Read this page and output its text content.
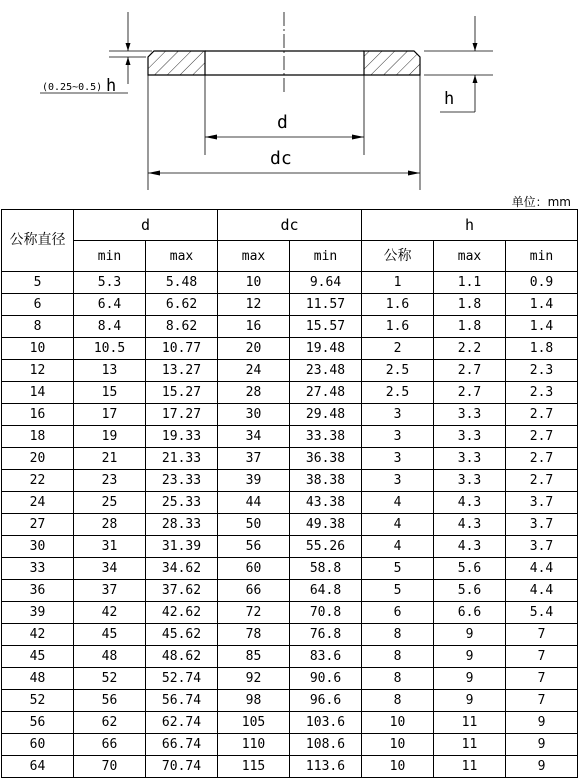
(0.25~0.5) h
h
d
dc
单位：mm
公称直径	d		dc		h		
	min	max	max	min	公称	max	min
5	5.3	5.48	10	9.64	1	1.1	0.9
6	6.4	6.62	12	11.57	1.6	1.8	1.4
8	8.4	8.62	16	15.57	1.6	1.8	1.4
10	10.5	10.77	20	19.48	2	2.2	1.8
12	13	13.27	24	23.48	2.5	2.7	2.3
14	15	15.27	28	27.48	2.5	2.7	2.3
16	17	17.27	30	29.48	3	3.3	2.7
18	19	19.33	34	33.38	3	3.3	2.7
20	21	21.33	37	36.38	3	3.3	2.7
22	23	23.33	39	38.38	3	3.3	2.7
24	25	25.33	44	43.38	4	4.3	3.7
27	28	28.33	50	49.38	4	4.3	3.7
30	31	31.39	56	55.26	4	4.3	3.7
33	34	34.62	60	58.8	5	5.6	4.4
36	37	37.62	66	64.8	5	5.6	4.4
39	42	42.62	72	70.8	6	6.6	5.4
42	45	45.62	78	76.8	8	9	7
45	48	48.62	85	83.6	8	9	7
48	52	52.74	92	90.6	8	9	7
52	56	56.74	98	96.6	8	9	7
56	62	62.74	105	103.6	10	11	9
60	66	66.74	110	108.6	10	11	9
64	70	70.74	115	113.6	10	11	9
